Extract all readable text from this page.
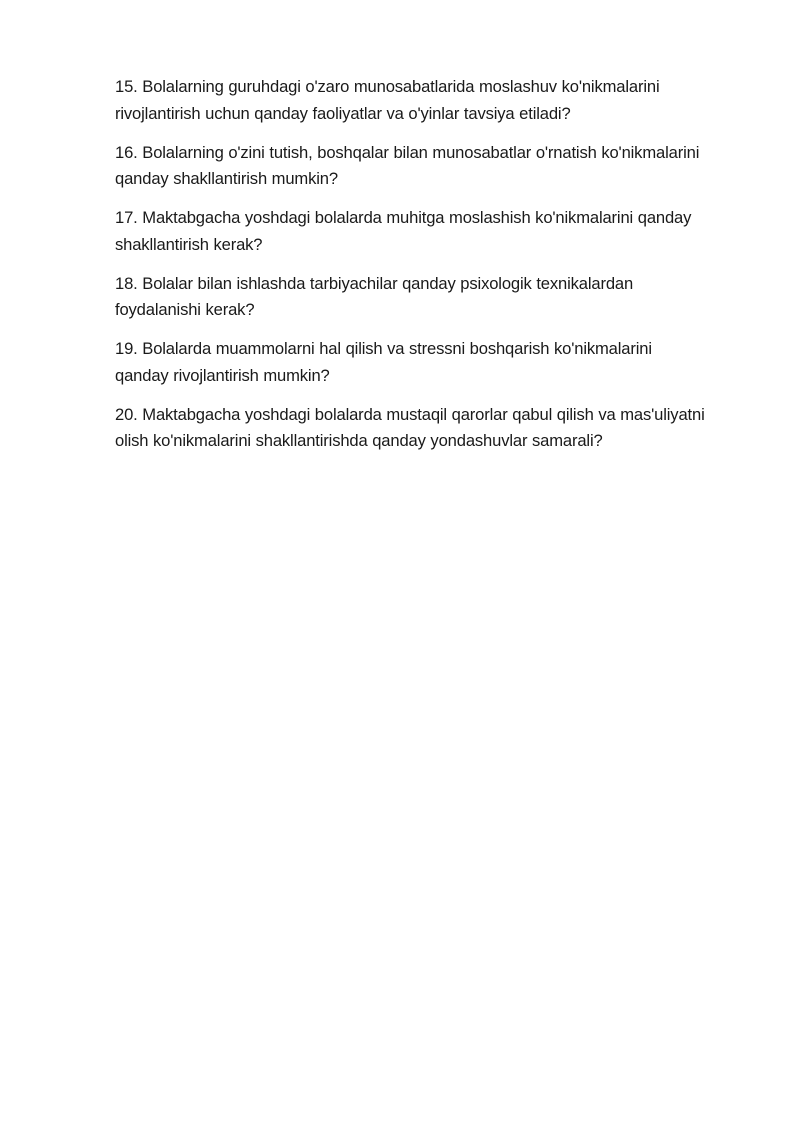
15. Bolalarning guruhdagi o'zaro munosabatlarida moslashuv ko'nikmalarini
rivojlantirish uchun qanday faoliyatlar va o'yinlar tavsiya etiladi?

16. Bolalarning o'zini tutish, boshqalar bilan munosabatlar o'rnatish ko'nikmalarini
qanday shakllantirish mumkin?

17. Maktabgacha yoshdagi bolalarda muhitga moslashish ko'nikmalarini qanday
shakllantirish kerak?

18. Bolalar bilan ishlashda tarbiyachilar qanday psixologik texnikalardan
foydalanishi kerak?

19. Bolalarda muammolarni hal qilish va stressni boshqarish ko'nikmalarini
qanday rivojlantirish mumkin?

20. Maktabgacha yoshdagi bolalarda mustaqil qarorlar qabul qilish va mas'uliyatni
olish ko'nikmalarini shakllantirishda qanday yondashuvlar samarali?
